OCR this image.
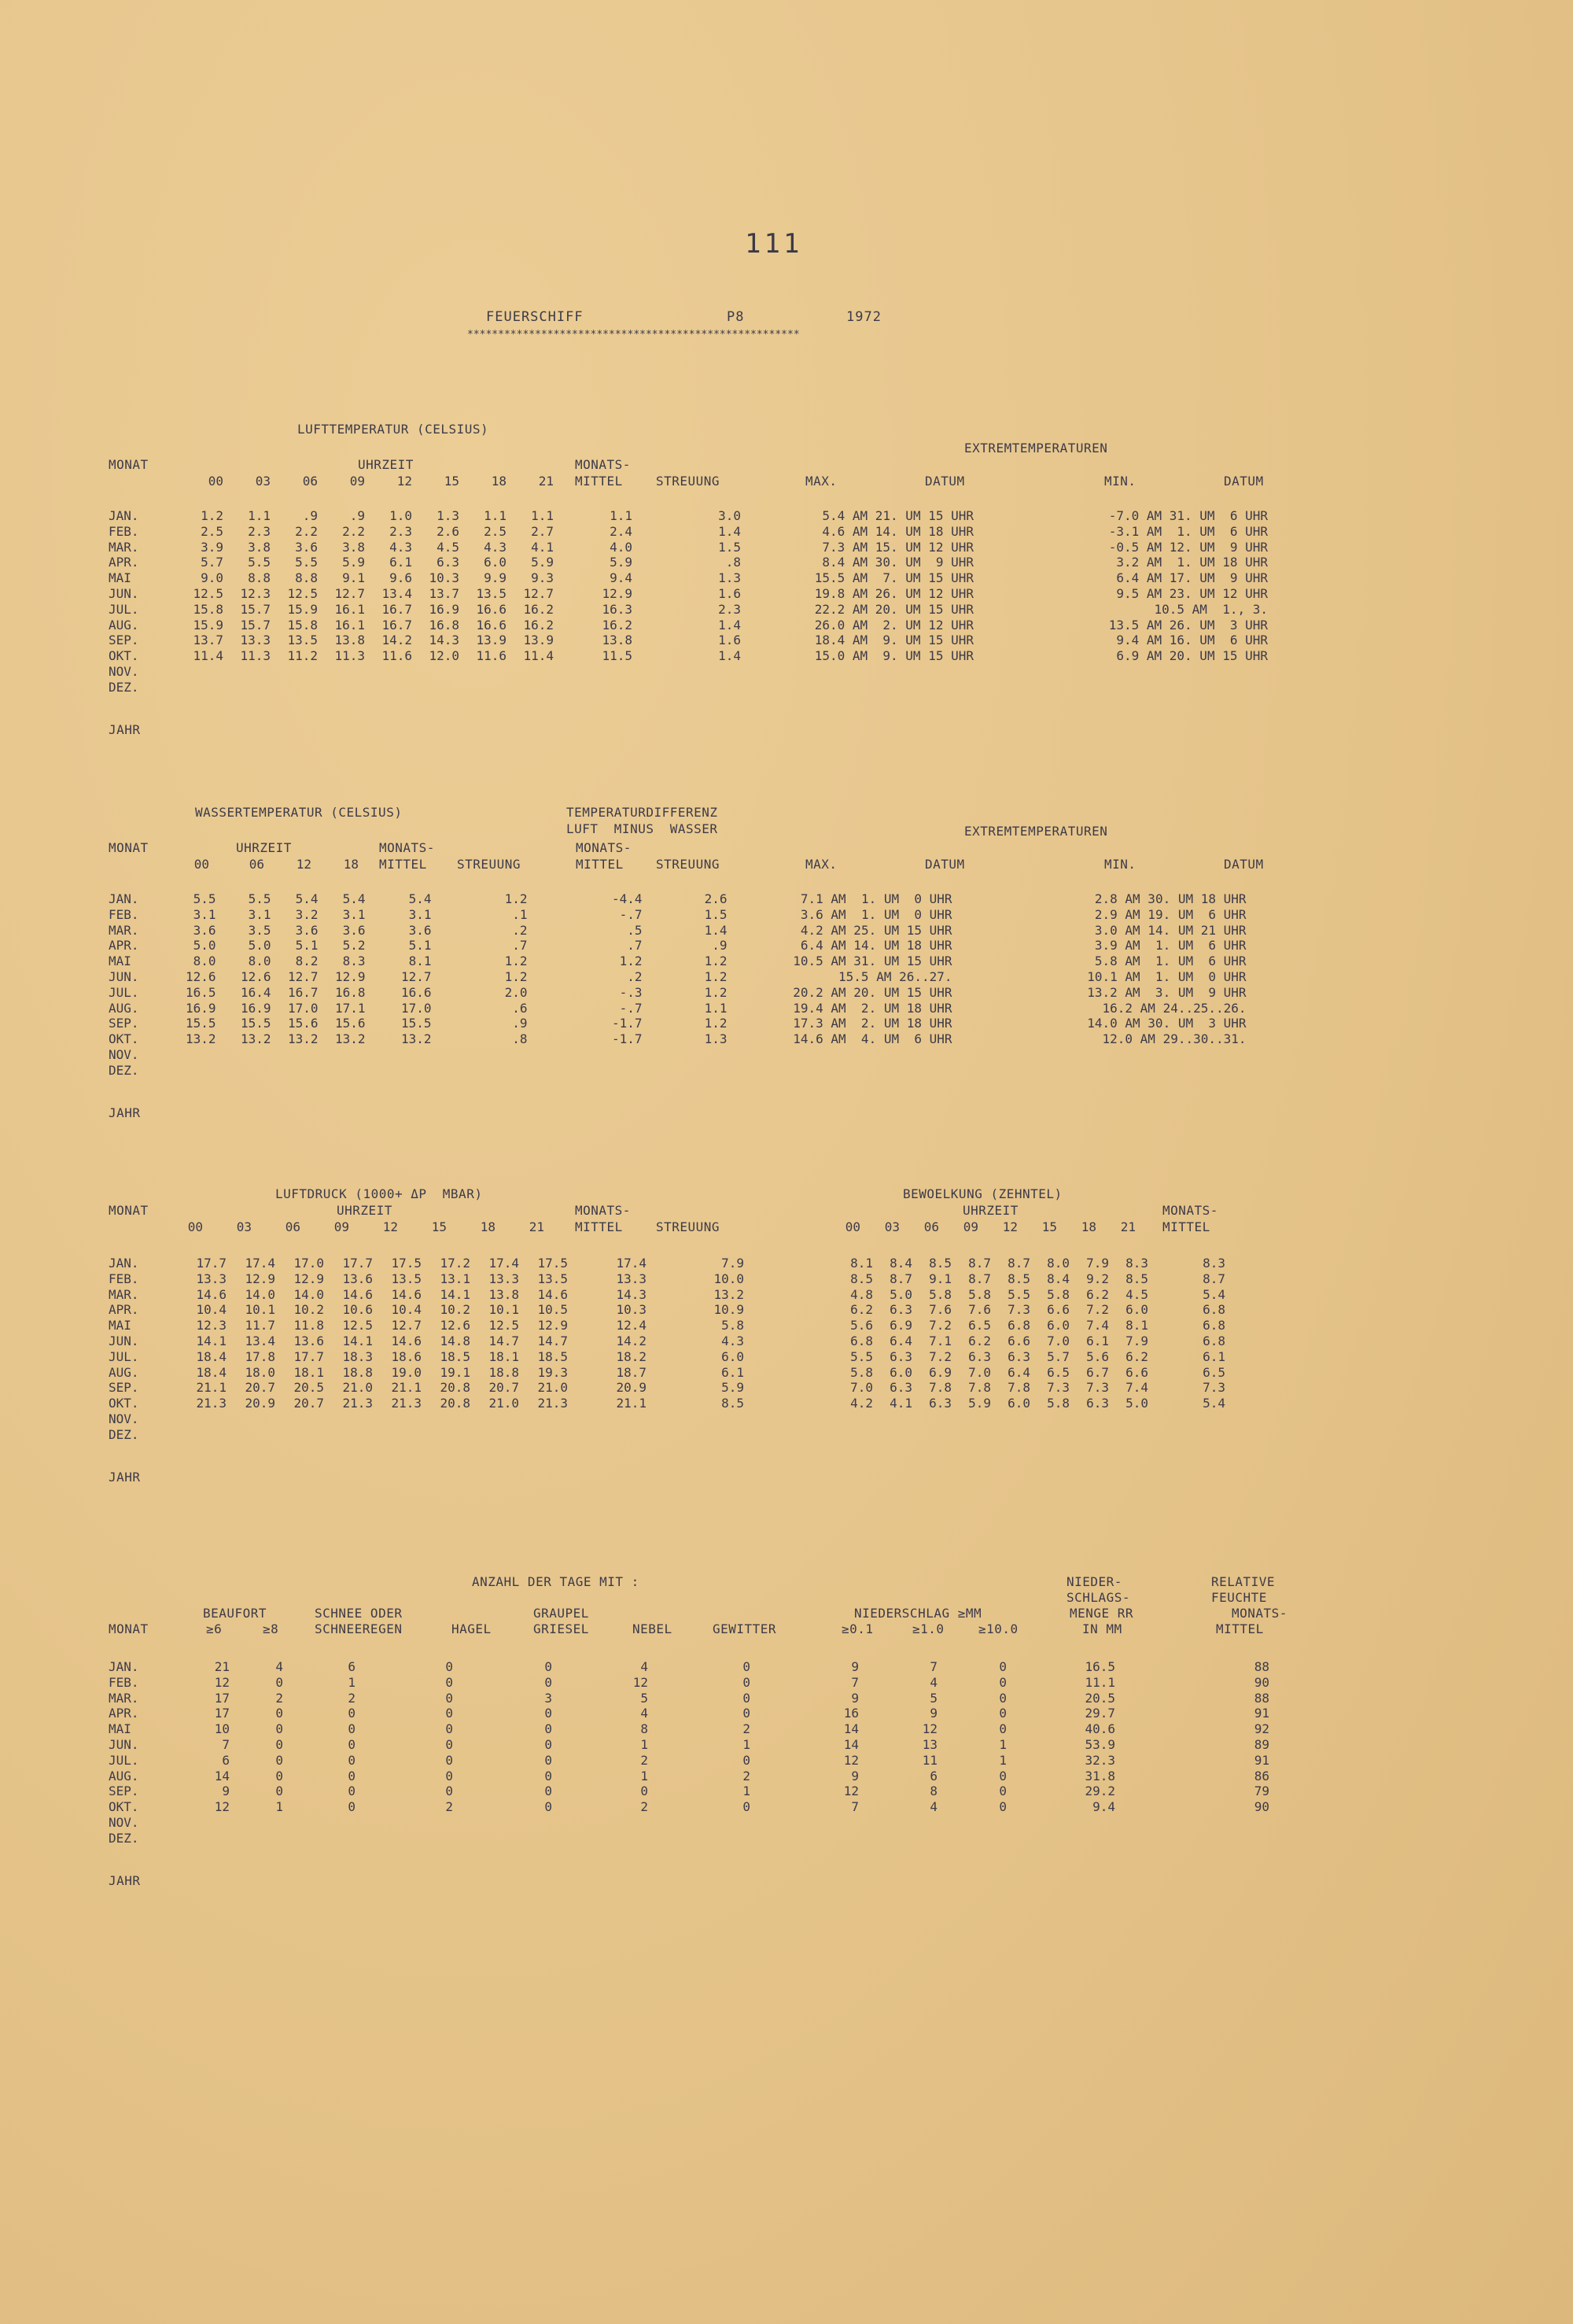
111
FEUERSCHIFF	P8	1972
******************************************************
LUFTTEMPERATUR (CELSIUS)
EXTREMTEMPERATUREN
MONAT	UHRZEIT	MONATS-
MITTEL	STREUUNG	MAX.	DATUM	MIN.	DATUM
00	03	06	09	12	15	18	21
JAN.	1.2	1.1	.9	.9	1.0	1.3	1.1	1.1	1.1	3.0	5.4 AM 21. UM 15 UHR	-7.0 AM 31. UM  6 UHR
FEB.	2.5	2.3	2.2	2.2	2.3	2.6	2.5	2.7	2.4	1.4	4.6 AM 14. UM 18 UHR	-3.1 AM  1. UM  6 UHR
MAR.	3.9	3.8	3.6	3.8	4.3	4.5	4.3	4.1	4.0	1.5	7.3 AM 15. UM 12 UHR	-0.5 AM 12. UM  9 UHR
APR.	5.7	5.5	5.5	5.9	6.1	6.3	6.0	5.9	5.9	.8	8.4 AM 30. UM  9 UHR	3.2 AM  1. UM 18 UHR
MAI	9.0	8.8	8.8	9.1	9.6	10.3	9.9	9.3	9.4	1.3	15.5 AM  7. UM 15 UHR	6.4 AM 17. UM  9 UHR
JUN.	12.5	12.3	12.5	12.7	13.4	13.7	13.5	12.7	12.9	1.6	19.8 AM 26. UM 12 UHR	9.5 AM 23. UM 12 UHR
JUL.	15.8	15.7	15.9	16.1	16.7	16.9	16.6	16.2	16.3	2.3	22.2 AM 20. UM 15 UHR	10.5 AM  1., 3.
AUG.	15.9	15.7	15.8	16.1	16.7	16.8	16.6	16.2	16.2	1.4	26.0 AM  2. UM 12 UHR	13.5 AM 26. UM  3 UHR
SEP.	13.7	13.3	13.5	13.8	14.2	14.3	13.9	13.9	13.8	1.6	18.4 AM  9. UM 15 UHR	9.4 AM 16. UM  6 UHR
OKT.	11.4	11.3	11.2	11.3	11.6	12.0	11.6	11.4	11.5	1.4	15.0 AM  9. UM 15 UHR	6.9 AM 20. UM 15 UHR
NOV.												
DEZ.												
JAHR
WASSERTEMPERATUR (CELSIUS)	TEMPERATURDIFFERENZ
LUFT  MINUS  WASSER	EXTREMTEMPERATUREN
MONAT	UHRZEIT	MONATS-	MONATS-
MITTEL STREUUNG	MITTEL	STREUUNG	MAX.	DATUM	MIN.	DATUM
00	06	12	18
JAN.	5.5	5.5	5.4	5.4	5.4	1.2	-4.4	2.6	7.1 AM  1. UM  0 UHR	2.8 AM 30. UM 18 UHR
FEB.	3.1	3.1	3.2	3.1	3.1	.1	-.7	1.5	3.6 AM  1. UM  0 UHR	2.9 AM 19. UM  6 UHR
MAR.	3.6	3.5	3.6	3.6	3.6	.2	.5	1.4	4.2 AM 25. UM 15 UHR	3.0 AM 14. UM 21 UHR
APR.	5.0	5.0	5.1	5.2	5.1	.7	.7	.9	6.4 AM 14. UM 18 UHR	3.9 AM  1. UM  6 UHR
MAI	8.0	8.0	8.2	8.3	8.1	1.2	1.2	1.2	10.5 AM 31. UM 15 UHR	5.8 AM  1. UM  6 UHR
JUN.	12.6	12.6	12.7	12.9	12.7	1.2	.2	1.2	15.5 AM 26..27.	10.1 AM  1. UM  0 UHR
JUL.	16.5	16.4	16.7	16.8	16.6	2.0	-.3	1.2	20.2 AM 20. UM 15 UHR	13.2 AM  3. UM  9 UHR
AUG.	16.9	16.9	17.0	17.1	17.0	.6	-.7	1.1	19.4 AM  2. UM 18 UHR	16.2 AM 24..25..26.
SEP.	15.5	15.5	15.6	15.6	15.5	.9	-1.7	1.2	17.3 AM  2. UM 18 UHR	14.0 AM 30. UM  3 UHR
OKT.	13.2	13.2	13.2	13.2	13.2	.8	-1.7	1.3	14.6 AM  4. UM  6 UHR	12.0 AM 29..30..31.
NOV.										
DEZ.										
JAHR
LUFTDRUCK (1000+ ΔP  MBAR)	BEWOELKUNG (ZEHNTEL)
MONAT	UHRZEIT	MONATS-	UHRZEIT	MONATS-
MITTEL	STREUUNG	MITTEL
00	03	06	09	12	15	18	21	00	03	06	09	12	15	18	21
JAN.	17.7	17.4	17.0	17.7	17.5	17.2	17.4	17.5	17.4	7.9	8.1	8.4	8.5	8.7	8.7	8.0	7.9	8.3	8.3
FEB.	13.3	12.9	12.9	13.6	13.5	13.1	13.3	13.5	13.3	10.0	8.5	8.7	9.1	8.7	8.5	8.4	9.2	8.5	8.7
MAR.	14.6	14.0	14.0	14.6	14.6	14.1	13.8	14.6	14.3	13.2	4.8	5.0	5.8	5.8	5.5	5.8	6.2	4.5	5.4
APR.	10.4	10.1	10.2	10.6	10.4	10.2	10.1	10.5	10.3	10.9	6.2	6.3	7.6	7.6	7.3	6.6	7.2	6.0	6.8
MAI	12.3	11.7	11.8	12.5	12.7	12.6	12.5	12.9	12.4	5.8	5.6	6.9	7.2	6.5	6.8	6.0	7.4	8.1	6.8
JUN.	14.1	13.4	13.6	14.1	14.6	14.8	14.7	14.7	14.2	4.3	6.8	6.4	7.1	6.2	6.6	7.0	6.1	7.9	6.8
JUL.	18.4	17.8	17.7	18.3	18.6	18.5	18.1	18.5	18.2	6.0	5.5	6.3	7.2	6.3	6.3	5.7	5.6	6.2	6.1
AUG.	18.4	18.0	18.1	18.8	19.0	19.1	18.8	19.3	18.7	6.1	5.8	6.0	6.9	7.0	6.4	6.5	6.7	6.6	6.5
SEP.	21.1	20.7	20.5	21.0	21.1	20.8	20.7	21.0	20.9	5.9	7.0	6.3	7.8	7.8	7.8	7.3	7.3	7.4	7.3
OKT.	21.3	20.9	20.7	21.3	21.3	20.8	21.0	21.3	21.1	8.5	4.2	4.1	6.3	5.9	6.0	5.8	6.3	5.0	5.4
NOV.																			
DEZ.																			
JAHR
ANZAHL DER TAGE MIT :	NIEDER-	RELATIVE
SCHLAGS-	FEUCHTE
BEAUFORT	SCHNEE ODER	GRAUPEL	NIEDERSCHLAG ≥MM	MENGE RR	MONATS-
MONAT	≥6	≥8	SCHNEEREGEN	HAGEL	GRIESEL	NEBEL	GEWITTER	≥0.1	≥1.0	≥10.0	IN MM	MITTEL
JAN.	21	4	6	0	0	4	0	9	7	0	16.5	88
FEB.	12	0	1	0	0	12	0	7	4	0	11.1	90
MAR.	17	2	2	0	3	5	0	9	5	0	20.5	88
APR.	17	0	0	0	0	4	0	16	9	0	29.7	91
MAI	10	0	0	0	0	8	2	14	12	0	40.6	92
JUN.	7	0	0	0	0	1	1	14	13	1	53.9	89
JUL.	6	0	0	0	0	2	0	12	11	1	32.3	91
AUG.	14	0	0	0	0	1	2	9	6	0	31.8	86
SEP.	9	0	0	0	0	0	1	12	8	0	29.2	79
OKT.	12	1	0	2	0	2	0	7	4	0	9.4	90
NOV.												
DEZ.												
JAHR
